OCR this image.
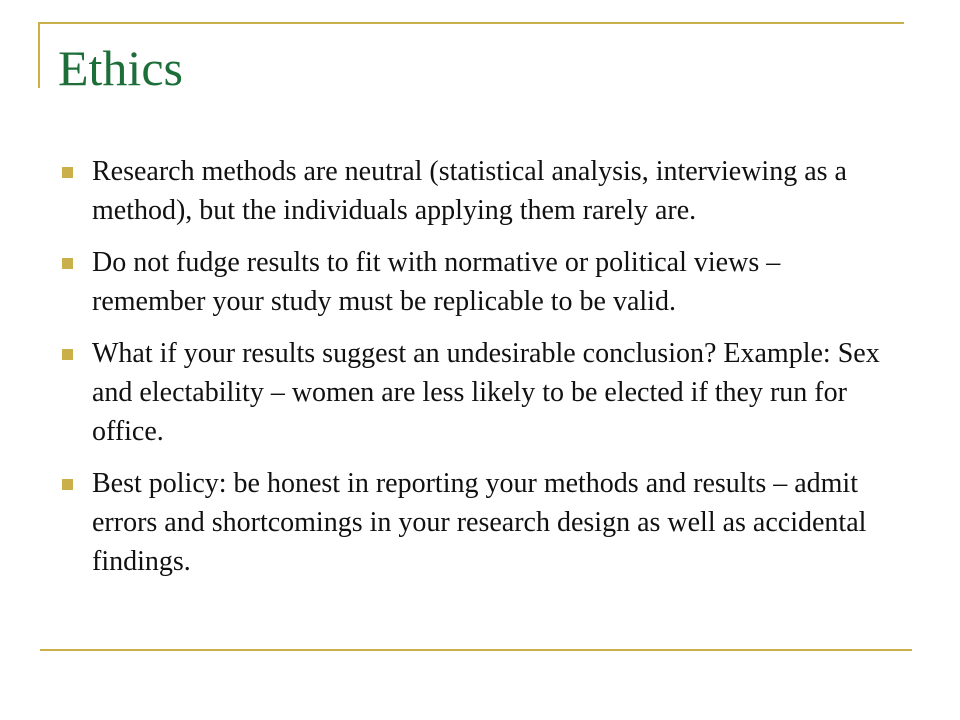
Ethics
Research methods are neutral (statistical analysis, interviewing as a method), but the individuals applying them rarely are.
Do not fudge results to fit with normative or political views – remember your study must be replicable to be valid.
What if your results suggest an undesirable conclusion? Example: Sex and electability – women are less likely to be elected if they run for office.
Best policy: be honest in reporting your methods and results – admit errors and shortcomings in your research design as well as accidental findings.
